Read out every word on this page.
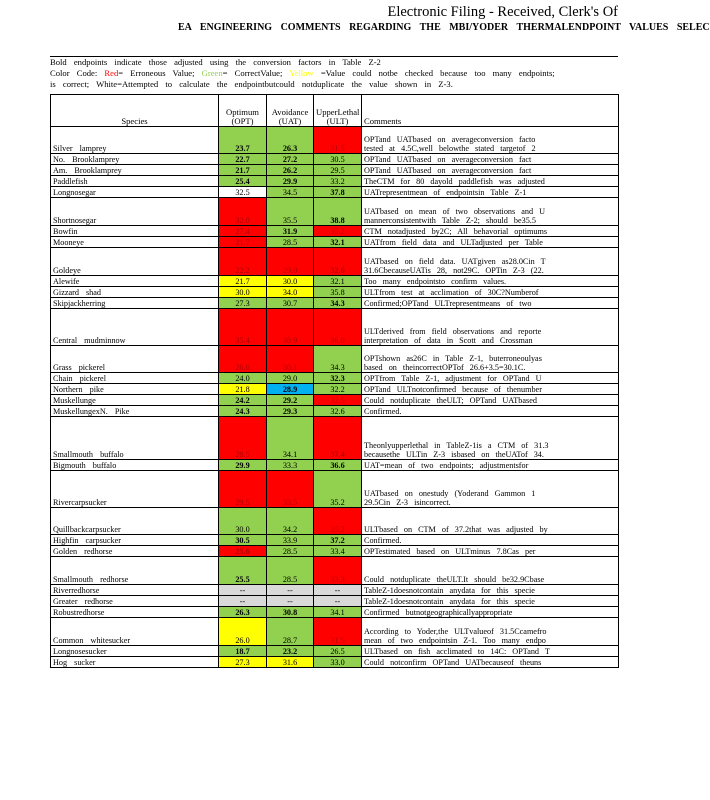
Electronic Filing - Received, Clerk's Of
EA ENGINEERING COMMENTS REGARDING THE MBI/YODER THERMALENDPOINT VALUES SELEC
Bold endpoints indicate those adjusted using the conversion factors in Table Z-2
Color Code: Red= Erroneous Value; Green= CorrectValue; Yellow =Value could notbe checked because too many endpoints;
is correct; White=Attempted to calculate the endpointbutcould notduplicate the value shown in Z-3.
Species	Optimum (OPT)	Avoidance (UAT)	UpperLethal (ULT)	Comments
Silver lamprey	23.7	26.3	31.5	OPTand UATbased on averageconversion facto
tested at 4.5C,well belowthe stated targetof 2

No. Brooklamprey	22.7	27.2	30.5	OPTand UATbased on averageconversion fact

Am. Brooklamprey	21.7	26.2	29.5	OPTand UATbased on averageconversion fact

Paddlefish	25.4	29.9	33.2	TheCTM for 80 dayold paddlefish was adjusted

Longnosegar	32.5	34.5	37.8	UATrepresentmean of endpointsin Table Z-1

Shortnosegar	32.0	35.5	38.8	UATbased on mean of two observations and U
mannerconsistentwith Table Z-2; should be35.5

Bowfin	27.4	31.9	35.2	CTM notadjusted by2C; All behavorial optimums

Mooneye	21.7	28.5	32.1	UATfrom field data and ULTadjusted per Table

Goldeye	22.2	29.0	32.6	UATbased on field data. UATgiven as28.0Cin T
31.6CbecauseUATis 28, not29C. OPTin Z-3 (22.

Alewife	21.7	30.0	32.1	Too many endpointsto confirm values.

Gizzard shad	30.0	34.0	35.8	ULTfrom test at acclimation of 30C?Numberof

Skipjackherring	27.3	30.7	34.3	Confirmed;OPTand ULTrepresentmeans of two

Central mudminnow	35.4	38.9	36.0	ULTderived from field observations and reporte
interpretation of data in Scott and Crossman

Grass pickerel	26.6	30.1	34.3	OPTshown as26C in Table Z-1, buterroneoulyas
based on theincorrectOPTof 26.6+3.5=30.1C.

Chain pickerel	24.0	29.0	32.3	OPTfrom Table Z-1, adjustment for OPTand U

Northern pike	21.8	28.9	32.2	OPTand ULTnotconfirmed because of thenumber

Muskellunge	24.2	29.2	32.5	Could notduplicate theULT; OPTand UATbased

MuskellungexN. Pike	24.3	29.3	32.6	Confirmed.

Smallmouth buffalo	28.5	34.1	37.4	Theonlyupperlethal in TableZ-1is a CTM of 31.3
becausethe ULTin Z-3 isbased on theUATof 34.

Bigmouth buffalo	29.9	33.3	36.6	UAT=mean of two endpoints; adjustmentsfor

Rivercarpsucker	29.5	33.5	35.2	UATbased on onestudy (Yoderand Gammon 1
29.5Cin Z-3 isincorrect.

Quillbackcarpsucker	30.0	34.2	35.2	ULTbased on CTM of 37.2that was adjusted by

Highfin carpsucker	30.5	33.9	37.2	Confirmed.

Golden redhorse	25.6	28.5	33.4	OPTestimated based on ULTminus 7.8Cas per

Smallmouth redhorse	25.5	28.5	33.3	Could notduplicate theULT.It should be32.9Cbase

Riverredhorse	--	--	--	TableZ-1doesnotcontain anydata for this specie

Greater redhorse	--	--	--	TableZ-1doesnotcontain anydata for this specie

Robustredhorse	26.3	30.8	34.1	Confirmed butnotgeographicallyappropriate

Common whitesucker	26.0	28.7	31.5	According to Yoder,the ULTvalueof 31.5Ccamefro
mean of two endpointsin Z-1. Too many endpo

Longnosesucker	18.7	23.2	26.5	ULTbased on fish acclimated to 14C: OPTand T

Hog sucker	27.3	31.6	33.0	Could notconfirm OPTand UATbecauseof theuns
